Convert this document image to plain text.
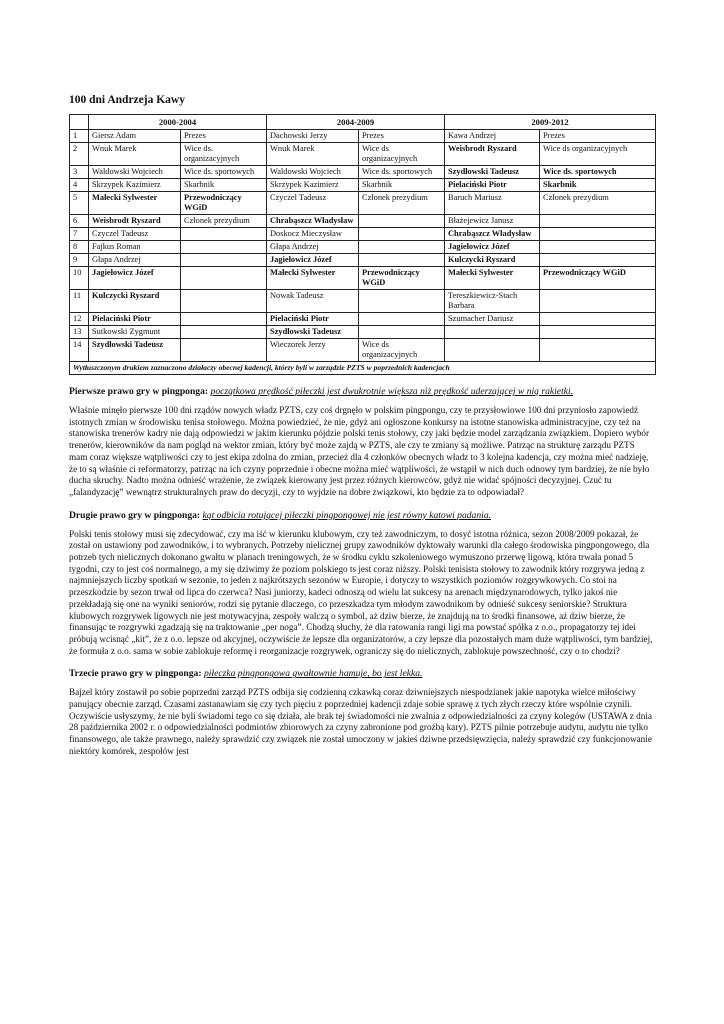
100 dni Andrzeja Kawy
	2000-2004		2004-2009		2009-2012	
1	Giersz Adam	Prezes	Dachowski Jerzy	Prezes	Kawa Andrzej	Prezes
2	Wnuk Marek	Wice ds. organizacyjnych	Wnuk Marek	Wice ds organizacyjnych	Weisbrodt Ryszard	Wice ds organizacyjnych
3	Waldowski Wojciech	Wice ds. sportowych	Waldowski Wojciech	Wice ds. sportowych	Szydłowski Tadeusz	Wice ds. sportowych
4	Skrzypek Kazimierz	Skarbnik	Skrzypek Kazimierz	Skarbnik	Pielaciński Piotr	Skarbnik
5	Małecki Sylwester	Przewodniczący WGiD	Czyczel Tadeusz	Członek prezydium	Baruch Mariusz	Członek prezydium
6	Weisbrodt Ryszard	Członek prezydium	Chrabąszcz Władysław		Błażejewicz Janusz	
7	Czyczel Tadeusz		Doskocz Mieczysław		Chrabąszcz Władysław	
8	Fajkus Roman		Głapa Andrzej		Jagiełowicz Józef	
9	Głapa Andrzej		Jagiełowicz Józef		Kulczycki Ryszard	
10	Jagiełowicz Józef		Małecki Sylwester	Przewodniczący WGiD	Małecki Sylwester	Przewodniczący WGiD
11	Kulczycki Ryszard		Nowak Tadeusz		Tereszkiewicz-Stach Barbara	
12	Pielaciński Piotr		Pielaciński Piotr		Szumacher Dariusz	
13	Sutkowski Zygmunt		Szydłowski Tadeusz			
14	Szydłowski Tadeusz		Wieczorek Jerzy	Wice ds organizacyjnych		
Wytłuszczonym drukiem zaznaczono działaczy obecnej kadencji, którzy byli w zarządzie PZTS w poprzednich kadencjach						
Pierwsze prawo gry w pingponga: początkowa prędkość piłeczki jest dwukrotnie większa niż prędkość uderzającej w nią rakietki.

Właśnie minęło pierwsze 100 dni rządów nowych władz PZTS, czy coś drgnęło w polskim pingpongu, czy te przysłowiowe 100 dni przyniosło zapowiedź istotnych zmian w środowisku tenisa stołowego. Można powiedzieć, że nie, gdyż ani ogłoszone konkursy na istotne stanowiska administracyjne, czy też na stanowiska trenerów kadry nie dają odpowiedzi w jakim kierunku pójdzie polski tenis stołowy, czy jaki będzie model zarządzania związkiem. Dopiero wybór trenerów, kierowników da nam pogląd na wektor zmian, który być może zajdą w PZTS, ale czy te zmiany są możliwe. Patrząc na strukturę zarządu PZTS mam coraz większe wątpliwości czy to jest ekipa zdolna do zmian, przecież dla 4 członków obecnych władz to 3 kolejna kadencja, czy można mieć nadzieję, że to są właśnie ci reformatorzy, patrząc na ich czyny poprzednie i obecne można mieć wątpliwości, że wstąpił w nich duch odnowy tym bardziej, że nie było ducha skruchy. Nadto można odnieść wrażenie, że związek kierowany jest przez różnych kierowców, gdyż nie widać spójności decyzyjnej. Czuć tu „falandyzację” wewnątrz strukturalnych praw do decyzji, czy to wyjdzie na dobre związkowi, kto będzie za to odpowiadał?

Drugie prawo gry w pingponga: kąt odbicia rotującej piłeczki pingpongowej nie jest równy katowi padania.

Polski tenis stołowy musi się zdecydować, czy ma iść w kierunku klubowym, czy też zawodniczym, to dosyć istotna różnica, sezon 2008/2009 pokazał, że został on ustawiony pod zawodników, i to wybranych. Potrzeby nielicznej grupy zawodników dyktowały warunki dla całego środowiska pingpongowego, dla potrzeb tych nielicznych dokonano gwałtu w planach treningowych, że w środku cyklu szkoleniowego wymuszono przerwę ligową, która trwała ponad 5 tygodni, czy to jest coś normalnego, a my się dziwimy że poziom polskiego ts jest coraz niższy. Polski tenisista stołowy to zawodnik który rozgrywa jedną z najmniejszych liczby spotkań w sezonie, to jeden z najkrótszych sezonów w Europie, i dotyczy to wszystkich poziomów rozgrywkowych. Co stoi na przeszkodzie by sezon trwał od lipca do czerwca? Nasi juniorzy, kadeci odnoszą od wielu lat sukcesy na arenach międzynarodowych, tylko jakoś nie przekładają się one na wyniki seniorów, rodzi się pytanie dlaczego, co przeszkadza tym młodym zawodnikom by odnieść sukcesy seniorskie? Struktura klubowych rozgrywek ligowych nie jest motywacyjna, zespoły walczą o symbol, aż dziw bierze, że znajdują na to środki finansowe, aż dziw bierze, że finansując te rozgrywki zgadzają się na traktowanie „per noga”. Chodzą słuchy, że dla ratowania rangi ligi ma powstać spółka z o.o., propagatorzy tej idei próbują wcisnąć „kit”, że z o.o. lepsze od akcyjnej, oczywiście że lepsze dla organizatorów, a czy lepsze dla pozostałych mam duże wątpliwości, tym bardziej, że formuła z o.o. sama w sobie zablokuje reformę i reorganizacje rozgrywek, ograniczy się do nielicznych, zablokuje powszechność, czy o to chodzi?

Trzecie prawo gry w pingponga: piłeczka pingpongowa gwałtownie hamuje, bo jest lekka.

Bajzel który zostawił po sobie poprzedni zarząd PZTS odbija się codzienną czkawką coraz dziwniejszych niespodzianek jakie napotyka wielce miłościwy panujący obecnie zarząd. Czasami zastanawiam się czy tych pięciu z poprzedniej kadencji zdaje sobie sprawę z tych złych rzeczy które wspólnie czynili. Oczywiście usłyszymy, że nie byli świadomi tego co się działa, ale brak tej świadomości nie zwalnia z odpowiedzialności za czyny kolegów (USTAWA z dnia 28 października 2002 r. o odpowiedzialności podmiotów zbiorowych za czyny zabronione pod groźbą kary). PZTS pilnie potrzebuje audytu, audytu nie tylko finansowego, ale także prawnego, należy sprawdzić czy związek nie został umoczony w jakieś dziwne przedsięwzięcia, należy sprawdzić czy funkcjonowanie niektóry komórek, zespołów jest
